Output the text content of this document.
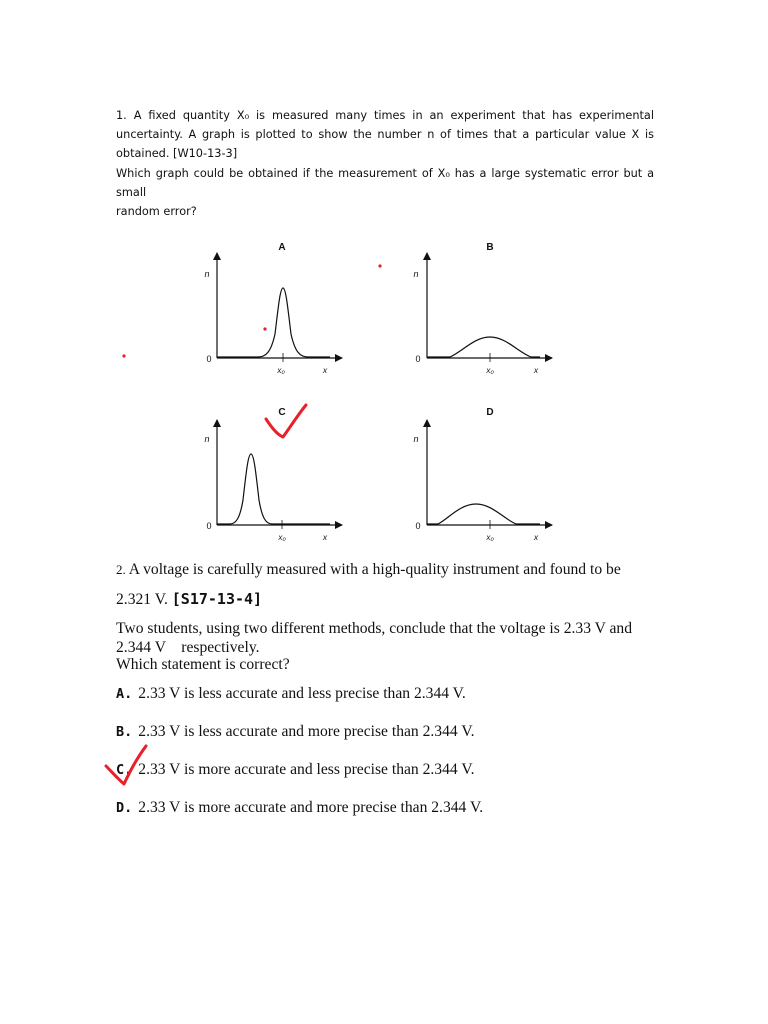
1. A fixed quantity X₀ is measured many times in an experiment that has experimental
uncertainty. A graph is plotted to show the number n of times that a particular value X is
obtained. [W10-13-3]
Which graph could be obtained if the measurement of X₀ has a large systematic error but a small
random error?
A
n
0
x₀	x
B
n
0
x₀	x
C
n
0
x₀	x
D
n
0
x₀	x
2. A voltage is carefully measured with a high-quality instrument and found to be
2.321 V. [S17-13-4]
Two students, using two different methods, conclude that the voltage is 2.33 V and
2.344 V    respectively.
Which statement is correct?
A. 2.33 V is less accurate and less precise than 2.344 V.
B. 2.33 V is less accurate and more precise than 2.344 V.
C. 2.33 V is more accurate and less precise than 2.344 V.
D. 2.33 V is more accurate and more precise than 2.344 V.
